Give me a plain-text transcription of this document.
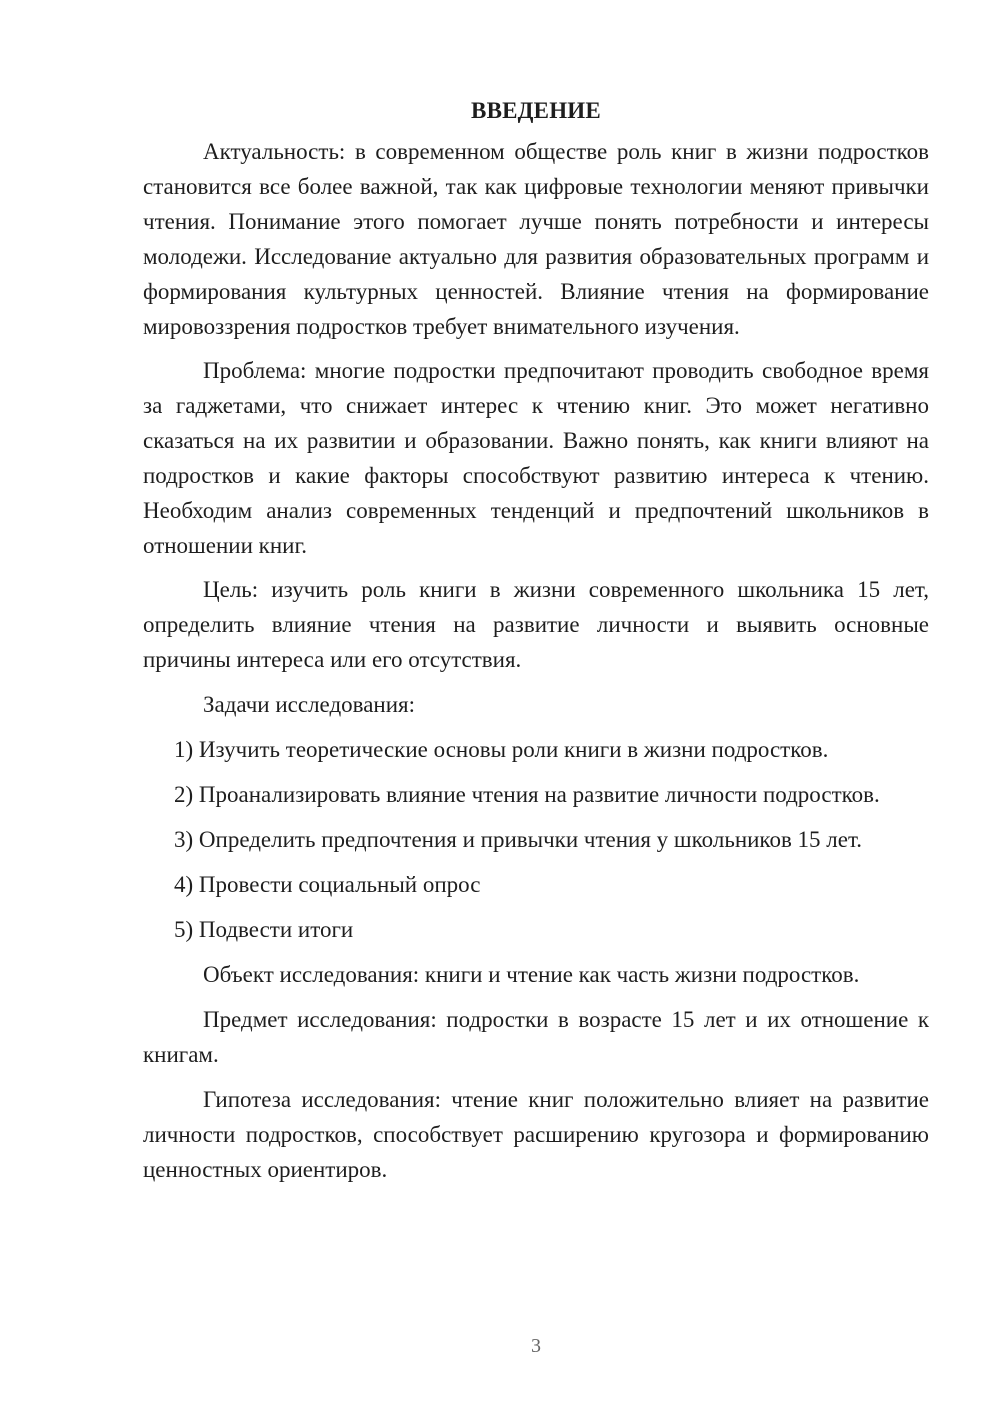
ВВЕДЕНИЕ

Актуальность: в современном обществе роль книг в жизни подростков становится все более важной, так как цифровые технологии меняют привычки чтения. Понимание этого помогает лучше понять потребности и интересы молодежи. Исследование актуально для развития образовательных программ и формирования культурных ценностей. Влияние чтения на формирование мировоззрения подростков требует внимательного изучения.

Проблема: многие подростки предпочитают проводить свободное время за гаджетами, что снижает интерес к чтению книг. Это может негативно сказаться на их развитии и образовании. Важно понять, как книги влияют на подростков и какие факторы способствуют развитию интереса к чтению. Необходим анализ современных тенденций и предпочтений школьников в отношении книг.

Цель: изучить роль книги в жизни современного школьника 15 лет, определить влияние чтения на развитие личности и выявить основные причины интереса или его отсутствия.

Задачи исследования:

1) Изучить теоретические основы роли книги в жизни подростков.

2) Проанализировать влияние чтения на развитие личности подростков.

3) Определить предпочтения и привычки чтения у школьников 15 лет.

4) Провести социальный опрос

5) Подвести итоги

Объект исследования: книги и чтение как часть жизни подростков.

Предмет исследования: подростки в возрасте 15 лет и их отношение к книгам.

Гипотеза исследования: чтение книг положительно влияет на развитие личности подростков, способствует расширению кругозора и формированию ценностных ориентиров.

3
